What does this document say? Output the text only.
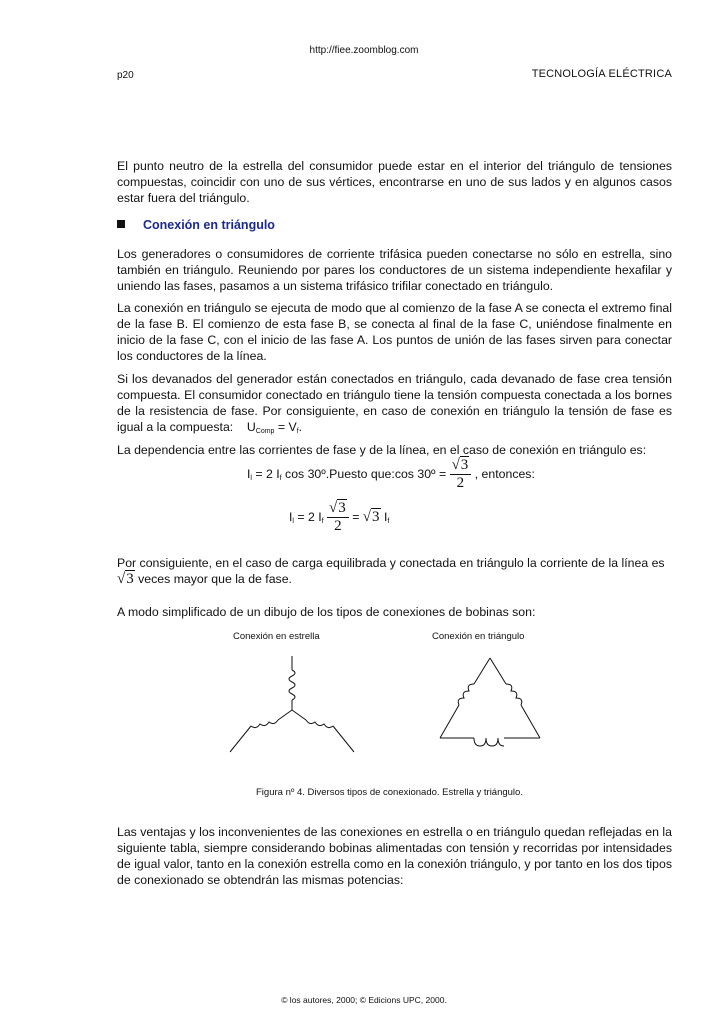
http://fiee.zoomblog.com
p20	TECNOLOGÍA ELÉCTRICA

El punto neutro de la estrella del consumidor puede estar en el interior del triángulo de tensiones compuestas, coincidir con uno de sus vértices, encontrarse en uno de sus lados y en algunos casos estar fuera del triángulo.

Conexión en triángulo

Los generadores o consumidores de corriente trifásica pueden conectarse no sólo en estrella, sino también en triángulo. Reuniendo por pares los conductores de un sistema independiente hexafilar y uniendo las fases, pasamos a un sistema trifásico trifilar conectado en triángulo.

La conexión en triángulo se ejecuta de modo que al comienzo de la fase A se conecta el extremo final de la fase B. El comienzo de esta fase B, se conecta al final de la fase C, uniéndose finalmente en inicio de la fase C, con el inicio de las fase A. Los puntos de unión de las fases sirven para conectar los conductores de la línea.

Si los devanados del generador están conectados en triángulo, cada devanado de fase crea tensión compuesta. El consumidor conectado en triángulo tiene la tensión compuesta conectada a los bornes de la resistencia de fase. Por consiguiente, en caso de conexión en triángulo la tensión de fase es igual a la compuesta: $U_{Comp} = V_f$.

La dependencia entre las corrientes de fase y de la línea, en el caso de conexión en triángulo es:

$I_l = 2$ $I_f$ cos 30º.Puesto que:cos 30º = $\frac{√3}{2}$ , entonces:
$I_l = 2$ $I_f \frac{√3}{2} = √3$ $I_f$

Por consiguiente, en el caso de carga equilibrada y conectada en triángulo la corriente de la línea es
√3 veces mayor que la de fase.

A modo simplificado de un dibujo de los tipos de conexiones de bobinas son:

Conexión en estrella	Conexión en triángulo
Figura nº 4. Diversos tipos de conexionado. Estrella y triángulo.

Las ventajas y los inconvenientes de las conexiones en estrella o en triángulo quedan reflejadas en la siguiente tabla, siempre considerando bobinas alimentadas con tensión y recorridas por intensidades de igual valor, tanto en la conexión estrella como en la conexión triángulo, y por tanto en los dos tipos de conexionado se obtendrán las mismas potencias:

© los autores, 2000; © Edicions UPC, 2000.
